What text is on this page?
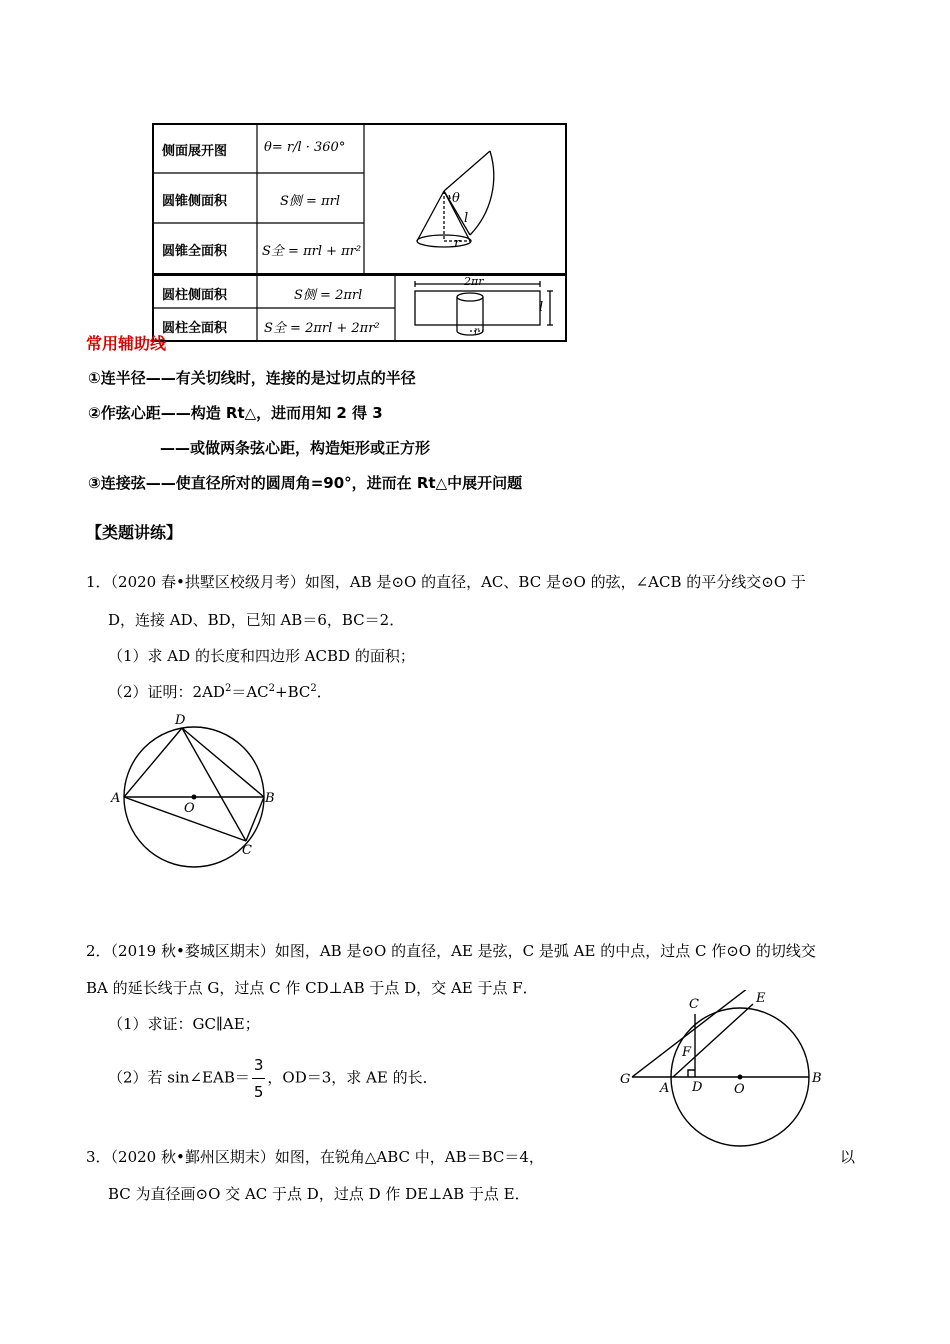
侧面展开图
圆锥侧面积
圆锥全面积
圆柱侧面积
圆柱全面积
θ= r/l · 360°
S侧 = πrl
S全 = πrl + πr²
S侧 = 2πrl
S全 = 2πrl + 2πr²
θ
l
r
2πr
l
r
常用辅助线
①连半径——有关切线时，连接的是过切点的半径
②作弦心距——构造 Rt△，进而用知 2 得 3
——或做两条弦心距，构造矩形或正方形
③连接弦——使直径所对的圆周角=90°，进而在 Rt△中展开问题
【类题讲练】
1．（2020 春•拱墅区校级月考）如图，AB 是⊙O 的直径，AC、BC 是⊙O 的弦，∠ACB 的平分线交⊙O 于
D，连接 AD、BD，已知 AB＝6，BC＝2．
（1）求 AD 的长度和四边形 ACBD 的面积；
（2）证明：$2AD^2=AC^2+BC^2$．
D
A
O
B
C
2．（2019 秋•婺城区期末）如图，AB 是⊙O 的直径，AE 是弦，C 是弧 AE 的中点，过点 C 作⊙O 的切线交
BA 的延长线于点 G，过点 C 作 CD⊥AB 于点 D，交 AE 于点 F．
（1）求证：GC∥AE；
（2）若 sin∠EAB＝ $\frac{3}{5}$ ，OD＝3，求 AE 的长．
C	E
F
G
A D O
B
3．（2020 秋•鄞州区期末）如图，在锐角△ABC 中，AB＝BC＝4，	以
BC 为直径画⊙O 交 AC 于点 D，过点 D 作 DE⊥AB 于点 E．
